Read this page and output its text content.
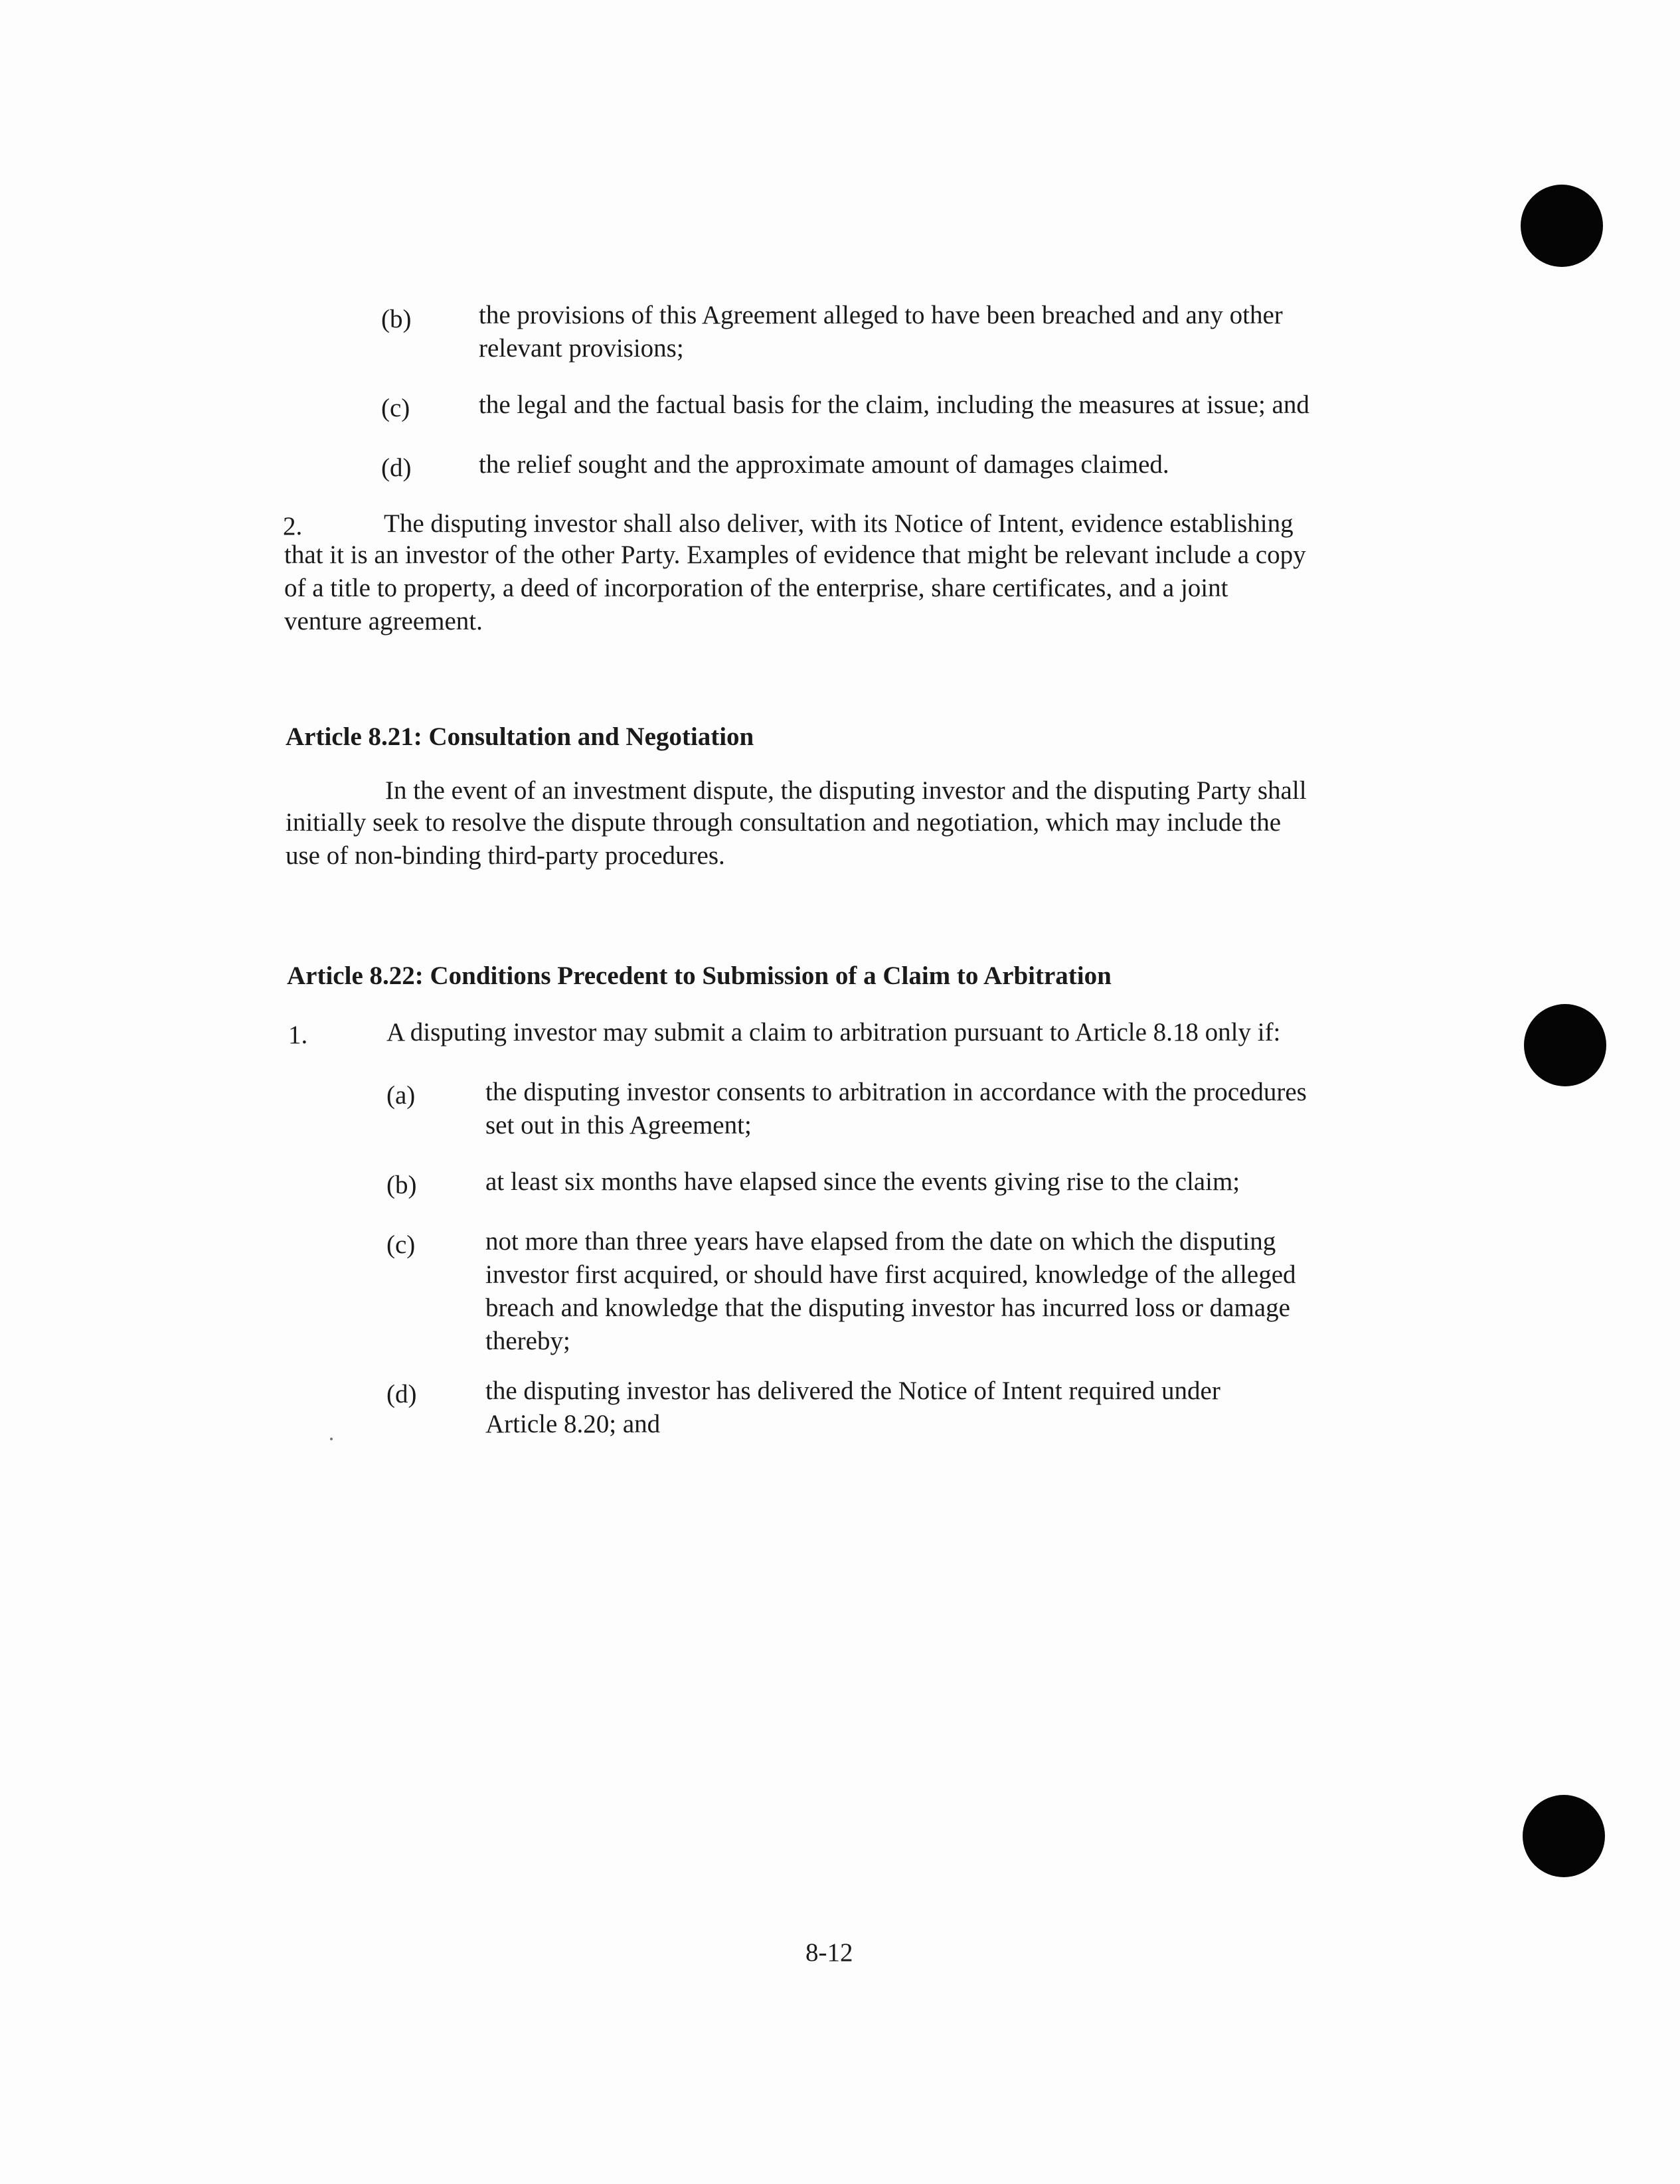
(b)	the provisions of this Agreement alleged to have been breached and any other
relevant provisions;
(c)	the legal and the factual basis for the claim, including the measures at issue; and
(d)	the relief sought and the approximate amount of damages claimed.
2.	The disputing investor shall also deliver, with its Notice of Intent, evidence establishing
that it is an investor of the other Party. Examples of evidence that might be relevant include a copy
of a title to property, a deed of incorporation of the enterprise, share certificates, and a joint
venture agreement.
Article 8.21: Consultation and Negotiation
In the event of an investment dispute, the disputing investor and the disputing Party shall
initially seek to resolve the dispute through consultation and negotiation, which may include the
use of non-binding third-party procedures.
Article 8.22: Conditions Precedent to Submission of a Claim to Arbitration
1.	A disputing investor may submit a claim to arbitration pursuant to Article 8.18 only if:
(a)	the disputing investor consents to arbitration in accordance with the procedures
set out in this Agreement;
(b)	at least six months have elapsed since the events giving rise to the claim;
(c)	not more than three years have elapsed from the date on which the disputing
investor first acquired, or should have first acquired, knowledge of the alleged
breach and knowledge that the disputing investor has incurred loss or damage
thereby;
(d)	the disputing investor has delivered the Notice of Intent required under
Article 8.20; and
8-12
